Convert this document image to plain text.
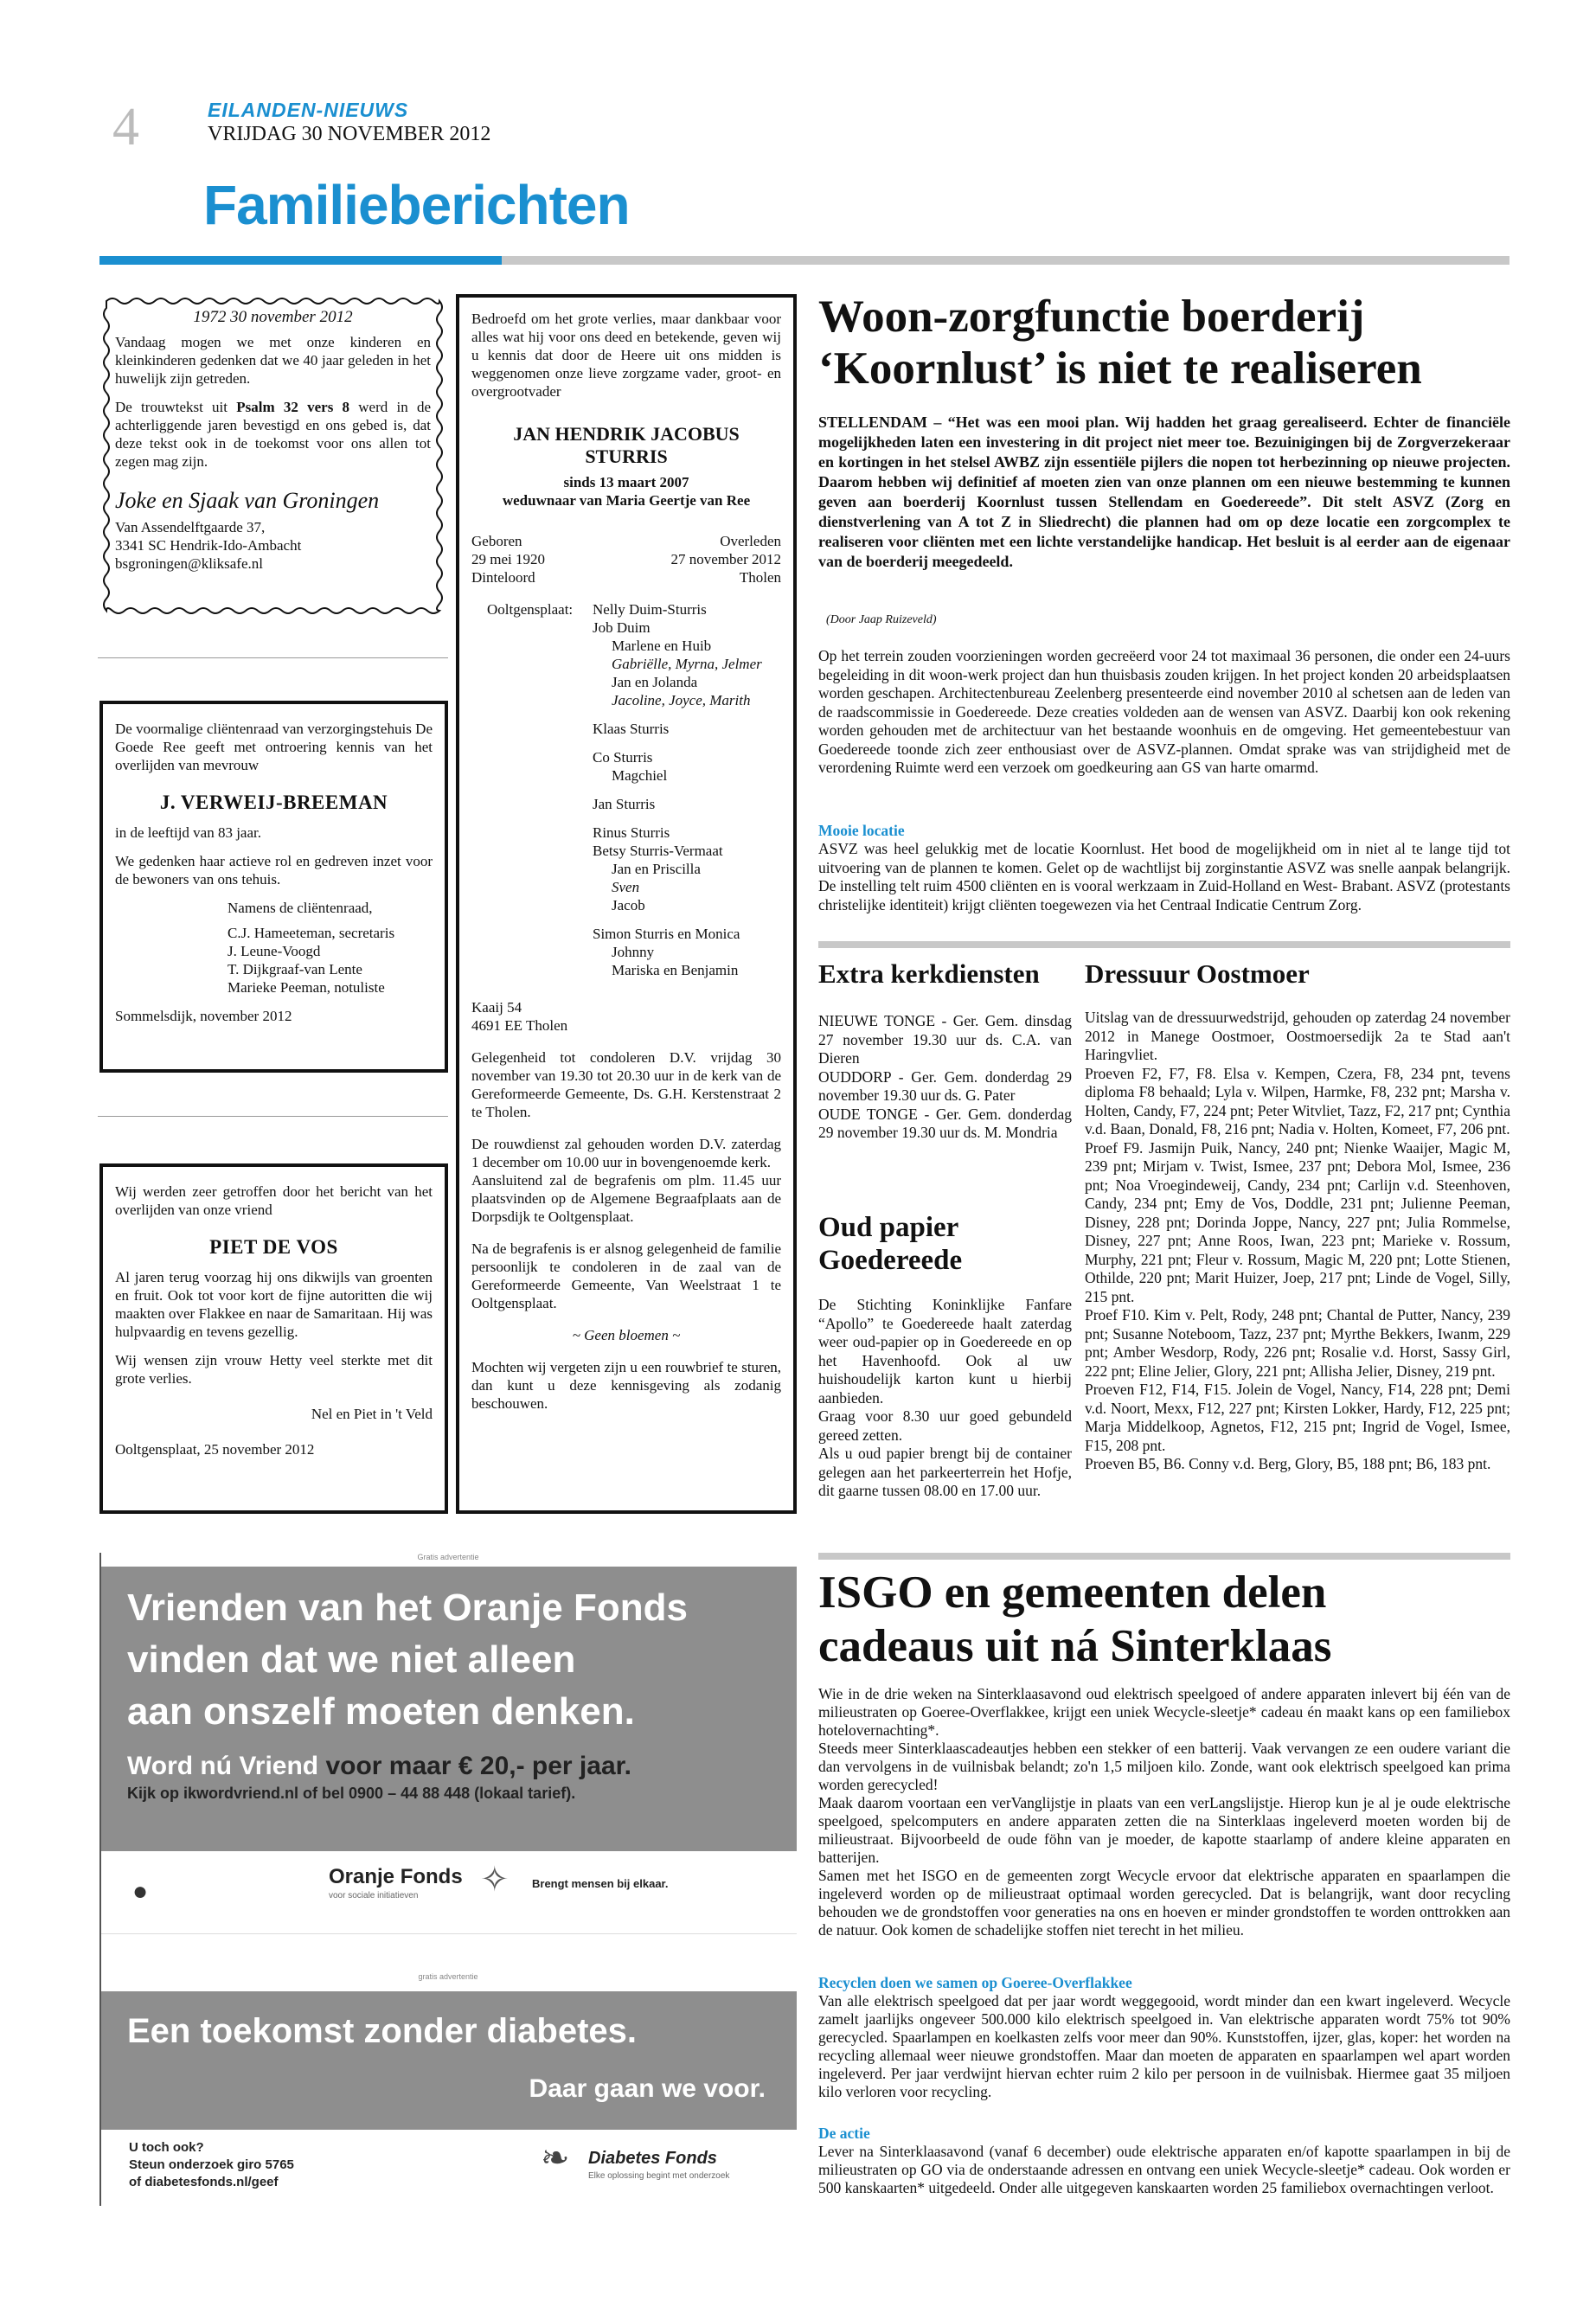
4	EILANDEN-NIEUWS
VRIJDAG 30 NOVEMBER 2012
Familieberichten

1972 30 november 2012

Vandaag mogen we met onze kinderen en kleinkinderen gedenken dat we 40 jaar geleden in het huwelijk zijn getreden.

De trouwtekst uit Psalm 32 vers 8 werd in de achterliggende jaren bevestigd en ons gebed is, dat deze tekst ook in de toekomst voor ons allen tot zegen mag zijn.

Joke en Sjaak van Groningen

Van Assendelftgaarde 37,

3341 SC Hendrik-Ido-Ambacht

bsgroningen@kliksafe.nl

De voormalige cliëntenraad van verzorgingstehuis De Goede Ree geeft met ontroering kennis van het overlijden van mevrouw

J. VERWEIJ-BREEMAN

in de leeftijd van 83 jaar.

We gedenken haar actieve rol en gedreven inzet voor de bewoners van ons tehuis.

Namens de cliëntenraad,

C.J. Hameeteman, secretaris

J. Leune-Voogd

T. Dijkgraaf-van Lente

Marieke Peeman, notuliste

Sommelsdijk, november 2012

Wij werden zeer getroffen door het bericht van het overlijden van onze vriend

PIET DE VOS

Al jaren terug voorzag hij ons dikwijls van groenten en fruit. Ook tot voor kort de fijne autoritten die wij maakten over Flakkee en naar de Samaritaan. Hij was hulpvaardig en tevens gezellig.

Wij wensen zijn vrouw Hetty veel sterkte met dit grote verlies.

Nel en Piet in 't Veld

Ooltgensplaat, 25 november 2012

Bedroefd om het grote verlies, maar dankbaar voor alles wat hij voor ons deed en betekende, geven wij u kennis dat door de Heere uit ons midden is weggenomen onze lieve zorgzame vader, groot- en overgrootvader

JAN HENDRIK JACOBUS

STURRIS

sinds 13 maart 2007

weduwnaar van Maria Geertje van Ree

Geboren	Overleden
29 mei 1920	27 november 2012
Dinteloord	Tholen
Ooltgensplaat: Nelly Duim-Sturris
Job Duim
Marlene en Huib
Gabriëlle, Myrna, Jelmer
Jan en Jolanda
Jacoline, Joyce, Marith
Klaas Sturris
Co Sturris
Magchiel
Jan Sturris
Rinus Sturris
Betsy Sturris-Vermaat
Jan en Priscilla
Sven
Jacob
Simon Sturris en Monica
Johnny
Mariska en Benjamin

Kaaij 54

4691 EE Tholen

Gelegenheid tot condoleren D.V. vrijdag 30 november van 19.30 tot 20.30 uur in de kerk van de Gereformeerde Gemeente, Ds. G.H. Kerstenstraat 2 te Tholen.

De rouwdienst zal gehouden worden D.V. zaterdag 1 december om 10.00 uur in bovengenoemde kerk.

Aansluitend zal de begrafenis om plm. 11.45 uur plaatsvinden op de Algemene Begraafplaats aan de Dorpsdijk te Ooltgensplaat.

Na de begrafenis is er alsnog gelegenheid de familie persoonlijk te condoleren in de zaal van de Gereformeerde Gemeente, Van Weelstraat 1 te Ooltgensplaat.

~ Geen bloemen ~

Mochten wij vergeten zijn u een rouwbrief te sturen, dan kunt u deze kennisgeving als zodanig beschouwen.

Gratis advertentie
Vrienden van het Oranje Fonds
vinden dat we niet alleen
aan onszelf moeten denken.
Word nú Vriend voor maar € 20,- per jaar.
Kijk op ikwordvriend.nl of bel 0900 – 44 88 448 (lokaal tarief).
●
Oranje Fonds
voor sociale initiatieven ✧ Brengt mensen bij elkaar.
gratis advertentie
Een toekomst zonder diabetes.
Daar gaan we voor.
U toch ook?
Steun onderzoek giro 5765
of diabetesfonds.nl/geef
❧ Diabetes Fonds
Elke oplossing begint met onderzoek
Woon-zorgfunctie boerderij
‘Koornlust’ is niet te realiseren
STELLENDAM – “Het was een mooi plan. Wij hadden het graag gerealiseerd. Echter de financiële mogelijkheden laten een investering in dit project niet meer toe. Bezuinigingen bij de Zorgverzekeraar en kortingen in het stelsel AWBZ zijn essentiële pijlers die nopen tot herbezinning op nieuwe projecten. Daarom hebben wij definitief af moeten zien van onze plannen om een nieuwe bestemming te kunnen geven aan boerderij Koornlust tussen Stellendam en Goedereede”. Dit stelt ASVZ (Zorg en dienstverlening van A tot Z in Sliedrecht) die plannen had om op deze locatie een zorgcomplex te realiseren voor cliënten met een lichte verstandelijke handicap. Het besluit is al eerder aan de eigenaar van de boerderij meegedeeld.
(Door Jaap Ruizeveld)
Op het terrein zouden voorzieningen worden gecreëerd voor 24 tot maximaal 36 personen, die onder een 24-uurs begeleiding in dit woon-werk project dan hun thuisbasis zouden krijgen. In het project konden 20 arbeidsplaatsen worden geschapen. Architectenbureau Zeelenberg presenteerde eind november 2010 al schetsen aan de leden van de raadscommissie in Goedereede. Deze creaties voldeden aan de wensen van ASVZ. Daarbij kon ook rekening worden gehouden met de architectuur van het bestaande woonhuis en de omgeving. Het gemeentebestuur van Goedereede toonde zich zeer enthousiast over de ASVZ-plannen. Omdat sprake was van strijdigheid met de verordening Ruimte werd een verzoek om goedkeuring aan GS van harte omarmd.
Mooie locatie
ASVZ was heel gelukkig met de locatie Koornlust. Het bood de mogelijkheid om in niet al te lange tijd tot uitvoering van de plannen te komen. Gelet op de wachtlijst bij zorginstantie ASVZ was snelle aanpak belangrijk. De instelling telt ruim 4500 cliënten en is vooral werkzaam in Zuid-Holland en West- Brabant. ASVZ (protestants christelijke identiteit) krijgt cliënten toegewezen via het Centraal Indicatie Centrum Zorg.
Extra kerkdiensten
NIEUWE TONGE - Ger. Gem. dinsdag 27 november 19.30 uur ds. C.A. van Dieren
OUDDORP - Ger. Gem. donderdag 29 november 19.30 uur ds. G. Pater
OUDE TONGE - Ger. Gem. donderdag 29 november 19.30 uur ds. M. Mondria
Oud papier
Goedereede
De Stichting Koninklijke Fanfare “Apollo” te Goedereede haalt zaterdag weer oud-papier op in Goedereede en op het Havenhoofd. Ook al uw huishoudelijk karton kunt u hierbij aanbieden.
Graag voor 8.30 uur goed gebundeld gereed zetten.
Als u oud papier brengt bij de container gelegen aan het parkeerterrein het Hofje, dit gaarne tussen 08.00 en 17.00 uur.
Dressuur Oostmoer
Uitslag van de dressuurwedstrijd, gehouden op zaterdag 24 november 2012 in Manege Oostmoer, Oostmoersedijk 2a te Stad aan't Haringvliet.
Proeven F2, F7, F8. Elsa v. Kempen, Czera, F8, 234 pnt, tevens diploma F8 behaald; Lyla v. Wilpen, Harmke, F8, 232 pnt; Marsha v. Holten, Candy, F7, 224 pnt; Peter Witvliet, Tazz, F2, 217 pnt; Cynthia v.d. Baan, Donald, F8, 216 pnt; Nadia v. Holten, Komeet, F7, 206 pnt.
Proef F9. Jasmijn Puik, Nancy, 240 pnt; Nienke Waaijer, Magic M, 239 pnt; Mirjam v. Twist, Ismee, 237 pnt; Debora Mol, Ismee, 236 pnt; Noa Vroegindeweij, Candy, 234 pnt; Carlijn v.d. Steenhoven, Candy, 234 pnt; Emy de Vos, Doddle, 231 pnt; Julienne Peeman, Disney, 228 pnt; Dorinda Joppe, Nancy, 227 pnt; Julia Rommelse, Disney, 227 pnt; Anne Roos, Iwan, 223 pnt; Marieke v. Rossum, Murphy, 221 pnt; Fleur v. Rossum, Magic M, 220 pnt; Lotte Stienen, Othilde, 220 pnt; Marit Huizer, Joep, 217 pnt; Linde de Vogel, Silly, 215 pnt.
Proef F10. Kim v. Pelt, Rody, 248 pnt; Chantal de Putter, Nancy, 239 pnt; Susanne Noteboom, Tazz, 237 pnt; Myrthe Bekkers, Iwanm, 229 pnt; Amber Wesdorp, Rody, 226 pnt; Rosalie v.d. Horst, Sassy Girl, 222 pnt; Eline Jelier, Glory, 221 pnt; Allisha Jelier, Disney, 219 pnt.
Proeven F12, F14, F15. Jolein de Vogel, Nancy, F14, 228 pnt; Demi v.d. Noort, Mexx, F12, 227 pnt; Kirsten Lokker, Hardy, F12, 225 pnt; Marja Middelkoop, Agnetos, F12, 215 pnt; Ingrid de Vogel, Ismee, F15, 208 pnt.
Proeven B5, B6. Conny v.d. Berg, Glory, B5, 188 pnt; B6, 183 pnt.
ISGO en gemeenten delen
cadeaus uit ná Sinterklaas
Wie in de drie weken na Sinterklaasavond oud elektrisch speelgoed of andere apparaten inlevert bij één van de milieustraten op Goeree-Overflakkee, krijgt een uniek Wecycle-sleetje* cadeau én maakt kans op een familiebox hotelovernachting*.
Steeds meer Sinterklaascadeautjes hebben een stekker of een batterij. Vaak vervangen ze een oudere variant die dan vervolgens in de vuilnisbak belandt; zo'n 1,5 miljoen kilo. Zonde, want ook elektrisch speelgoed kan prima worden gerecycled!
Maak daarom voortaan een verVanglijstje in plaats van een verLangslijstje. Hierop kun je al je oude elektrische speelgoed, spelcomputers en andere apparaten zetten die na Sinterklaas ingeleverd moeten worden bij de milieustraat. Bijvoorbeeld de oude föhn van je moeder, de kapotte staarlamp of andere kleine apparaten en batterijen.
Samen met het ISGO en de gemeenten zorgt Wecycle ervoor dat elektrische apparaten en spaarlampen die ingeleverd worden op de milieustraat optimaal worden gerecycled. Dat is belangrijk, want door recycling behouden we de grondstoffen voor generaties na ons en hoeven er minder grondstoffen te worden onttrokken aan de natuur. Ook komen de schadelijke stoffen niet terecht in het milieu.
Recyclen doen we samen op Goeree-Overflakkee
Van alle elektrisch speelgoed dat per jaar wordt weggegooid, wordt minder dan een kwart ingeleverd. Wecycle zamelt jaarlijks ongeveer 500.000 kilo elektrisch speelgoed in. Van elektrische apparaten wordt 75% tot 90% gerecycled. Spaarlampen en koelkasten zelfs voor meer dan 90%. Kunststoffen, ijzer, glas, koper: het worden na recycling allemaal weer nieuwe grondstoffen. Maar dan moeten de apparaten en spaarlampen wel apart worden ingeleverd. Per jaar verdwijnt hiervan echter ruim 2 kilo per persoon in de vuilnisbak. Hiermee gaat 35 miljoen kilo verloren voor recycling.
De actie
Lever na Sinterklaasavond (vanaf 6 december) oude elektrische apparaten en/of kapotte spaarlampen in bij de milieustraten op GO via de onderstaande adressen en ontvang een uniek Wecycle-sleetje* cadeau. Ook worden er 500 kanskaarten* uitgedeeld. Onder alle uitgegeven kanskaarten worden 25 familiebox overnachtingen verloot.
